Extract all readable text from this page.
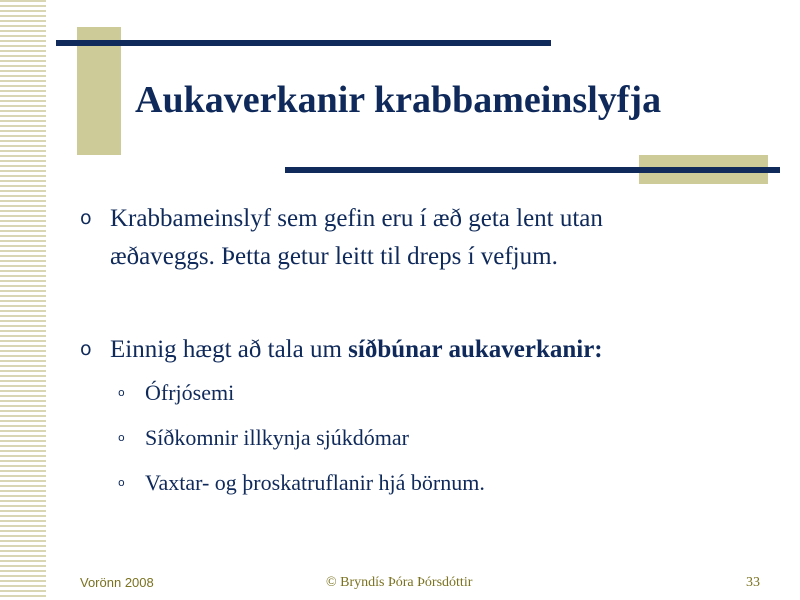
Aukaverkanir krabbameinslyfja
o Krabbameinslyf sem gefin eru í æð geta lent utan
æðaveggs. Þetta getur leitt til dreps í vefjum.
o Einnig hægt að tala um síðbúnar aukaverkanir:
o Ófrjósemi
o Síðkomnir illkynja sjúkdómar
o Vaxtar- og þroskatruflanir hjá börnum.
Vorönn 2008	© Bryndís Þóra Þórsdóttir	33
